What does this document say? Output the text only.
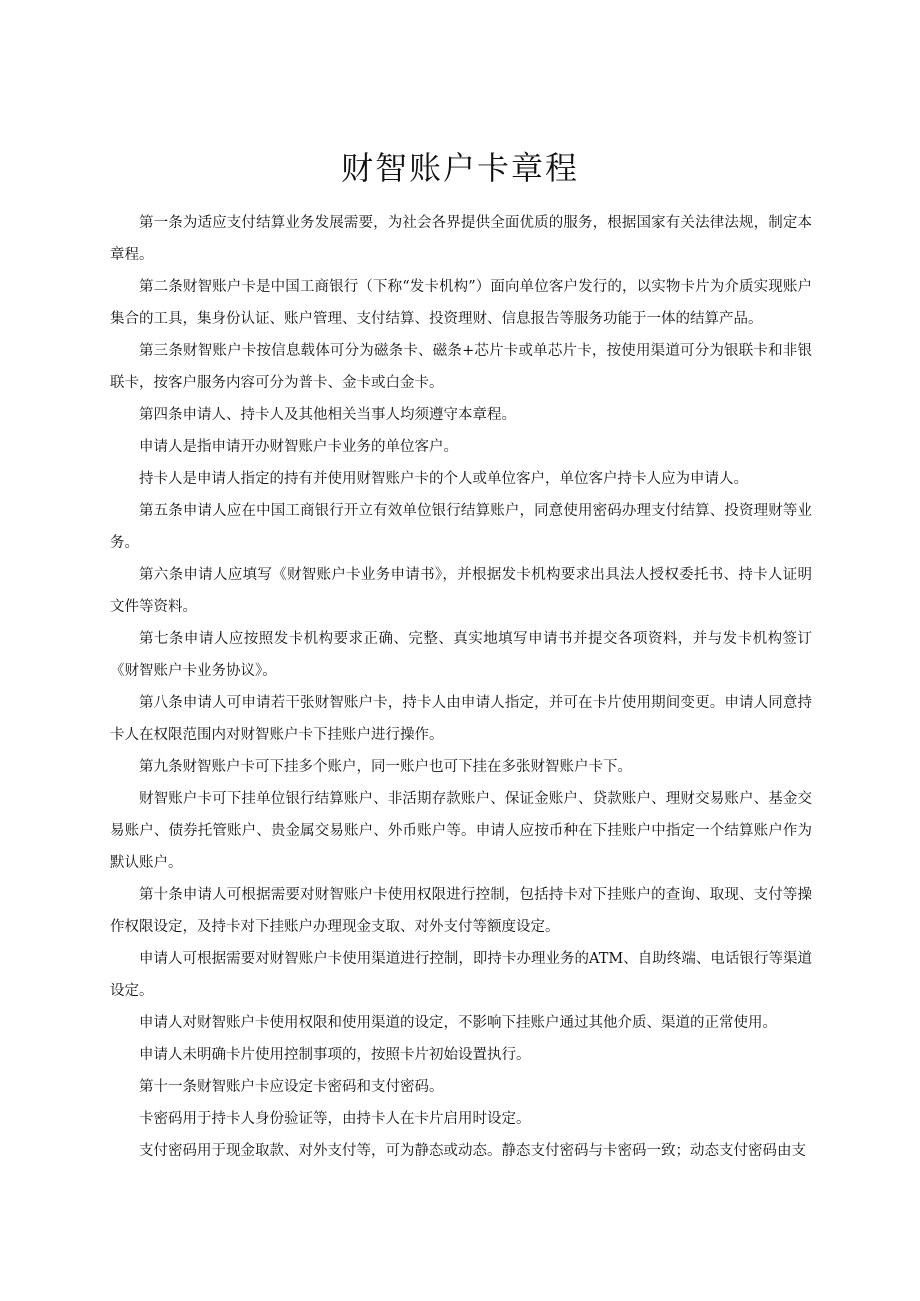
财智账户卡章程

第一条为适应支付结算业务发展需要，为社会各界提供全面优质的服务，根据国家有关法律法规，制定本章程。

第二条财智账户卡是中国工商银行（下称“发卡机构”）面向单位客户发行的，以实物卡片为介质实现账户集合的工具，集身份认证、账户管理、支付结算、投资理财、信息报告等服务功能于一体的结算产品。

第三条财智账户卡按信息载体可分为磁条卡、磁条+芯片卡或单芯片卡，按使用渠道可分为银联卡和非银联卡，按客户服务内容可分为普卡、金卡或白金卡。

第四条申请人、持卡人及其他相关当事人均须遵守本章程。

申请人是指申请开办财智账户卡业务的单位客户。

持卡人是申请人指定的持有并使用财智账户卡的个人或单位客户，单位客户持卡人应为申请人。

第五条申请人应在中国工商银行开立有效单位银行结算账户，同意使用密码办理支付结算、投资理财等业务。

第六条申请人应填写《财智账户卡业务申请书》，并根据发卡机构要求出具法人授权委托书、持卡人证明文件等资料。

第七条申请人应按照发卡机构要求正确、完整、真实地填写申请书并提交各项资料，并与发卡机构签订《财智账户卡业务协议》。

第八条申请人可申请若干张财智账户卡，持卡人由申请人指定，并可在卡片使用期间变更。申请人同意持卡人在权限范围内对财智账户卡下挂账户进行操作。

第九条财智账户卡可下挂多个账户，同一账户也可下挂在多张财智账户卡下。

财智账户卡可下挂单位银行结算账户、非活期存款账户、保证金账户、贷款账户、理财交易账户、基金交易账户、债券托管账户、贵金属交易账户、外币账户等。申请人应按币种在下挂账户中指定一个结算账户作为默认账户。

第十条申请人可根据需要对财智账户卡使用权限进行控制，包括持卡对下挂账户的查询、取现、支付等操作权限设定，及持卡对下挂账户办理现金支取、对外支付等额度设定。

申请人可根据需要对财智账户卡使用渠道进行控制，即持卡办理业务的ATM、自助终端、电话银行等渠道设定。

申请人对财智账户卡使用权限和使用渠道的设定，不影响下挂账户通过其他介质、渠道的正常使用。

申请人未明确卡片使用控制事项的，按照卡片初始设置执行。

第十一条财智账户卡应设定卡密码和支付密码。

卡密码用于持卡人身份验证等，由持卡人在卡片启用时设定。

支付密码用于现金取款、对外支付等，可为静态或动态。静态支付密码与卡密码一致；动态支付密码由支
